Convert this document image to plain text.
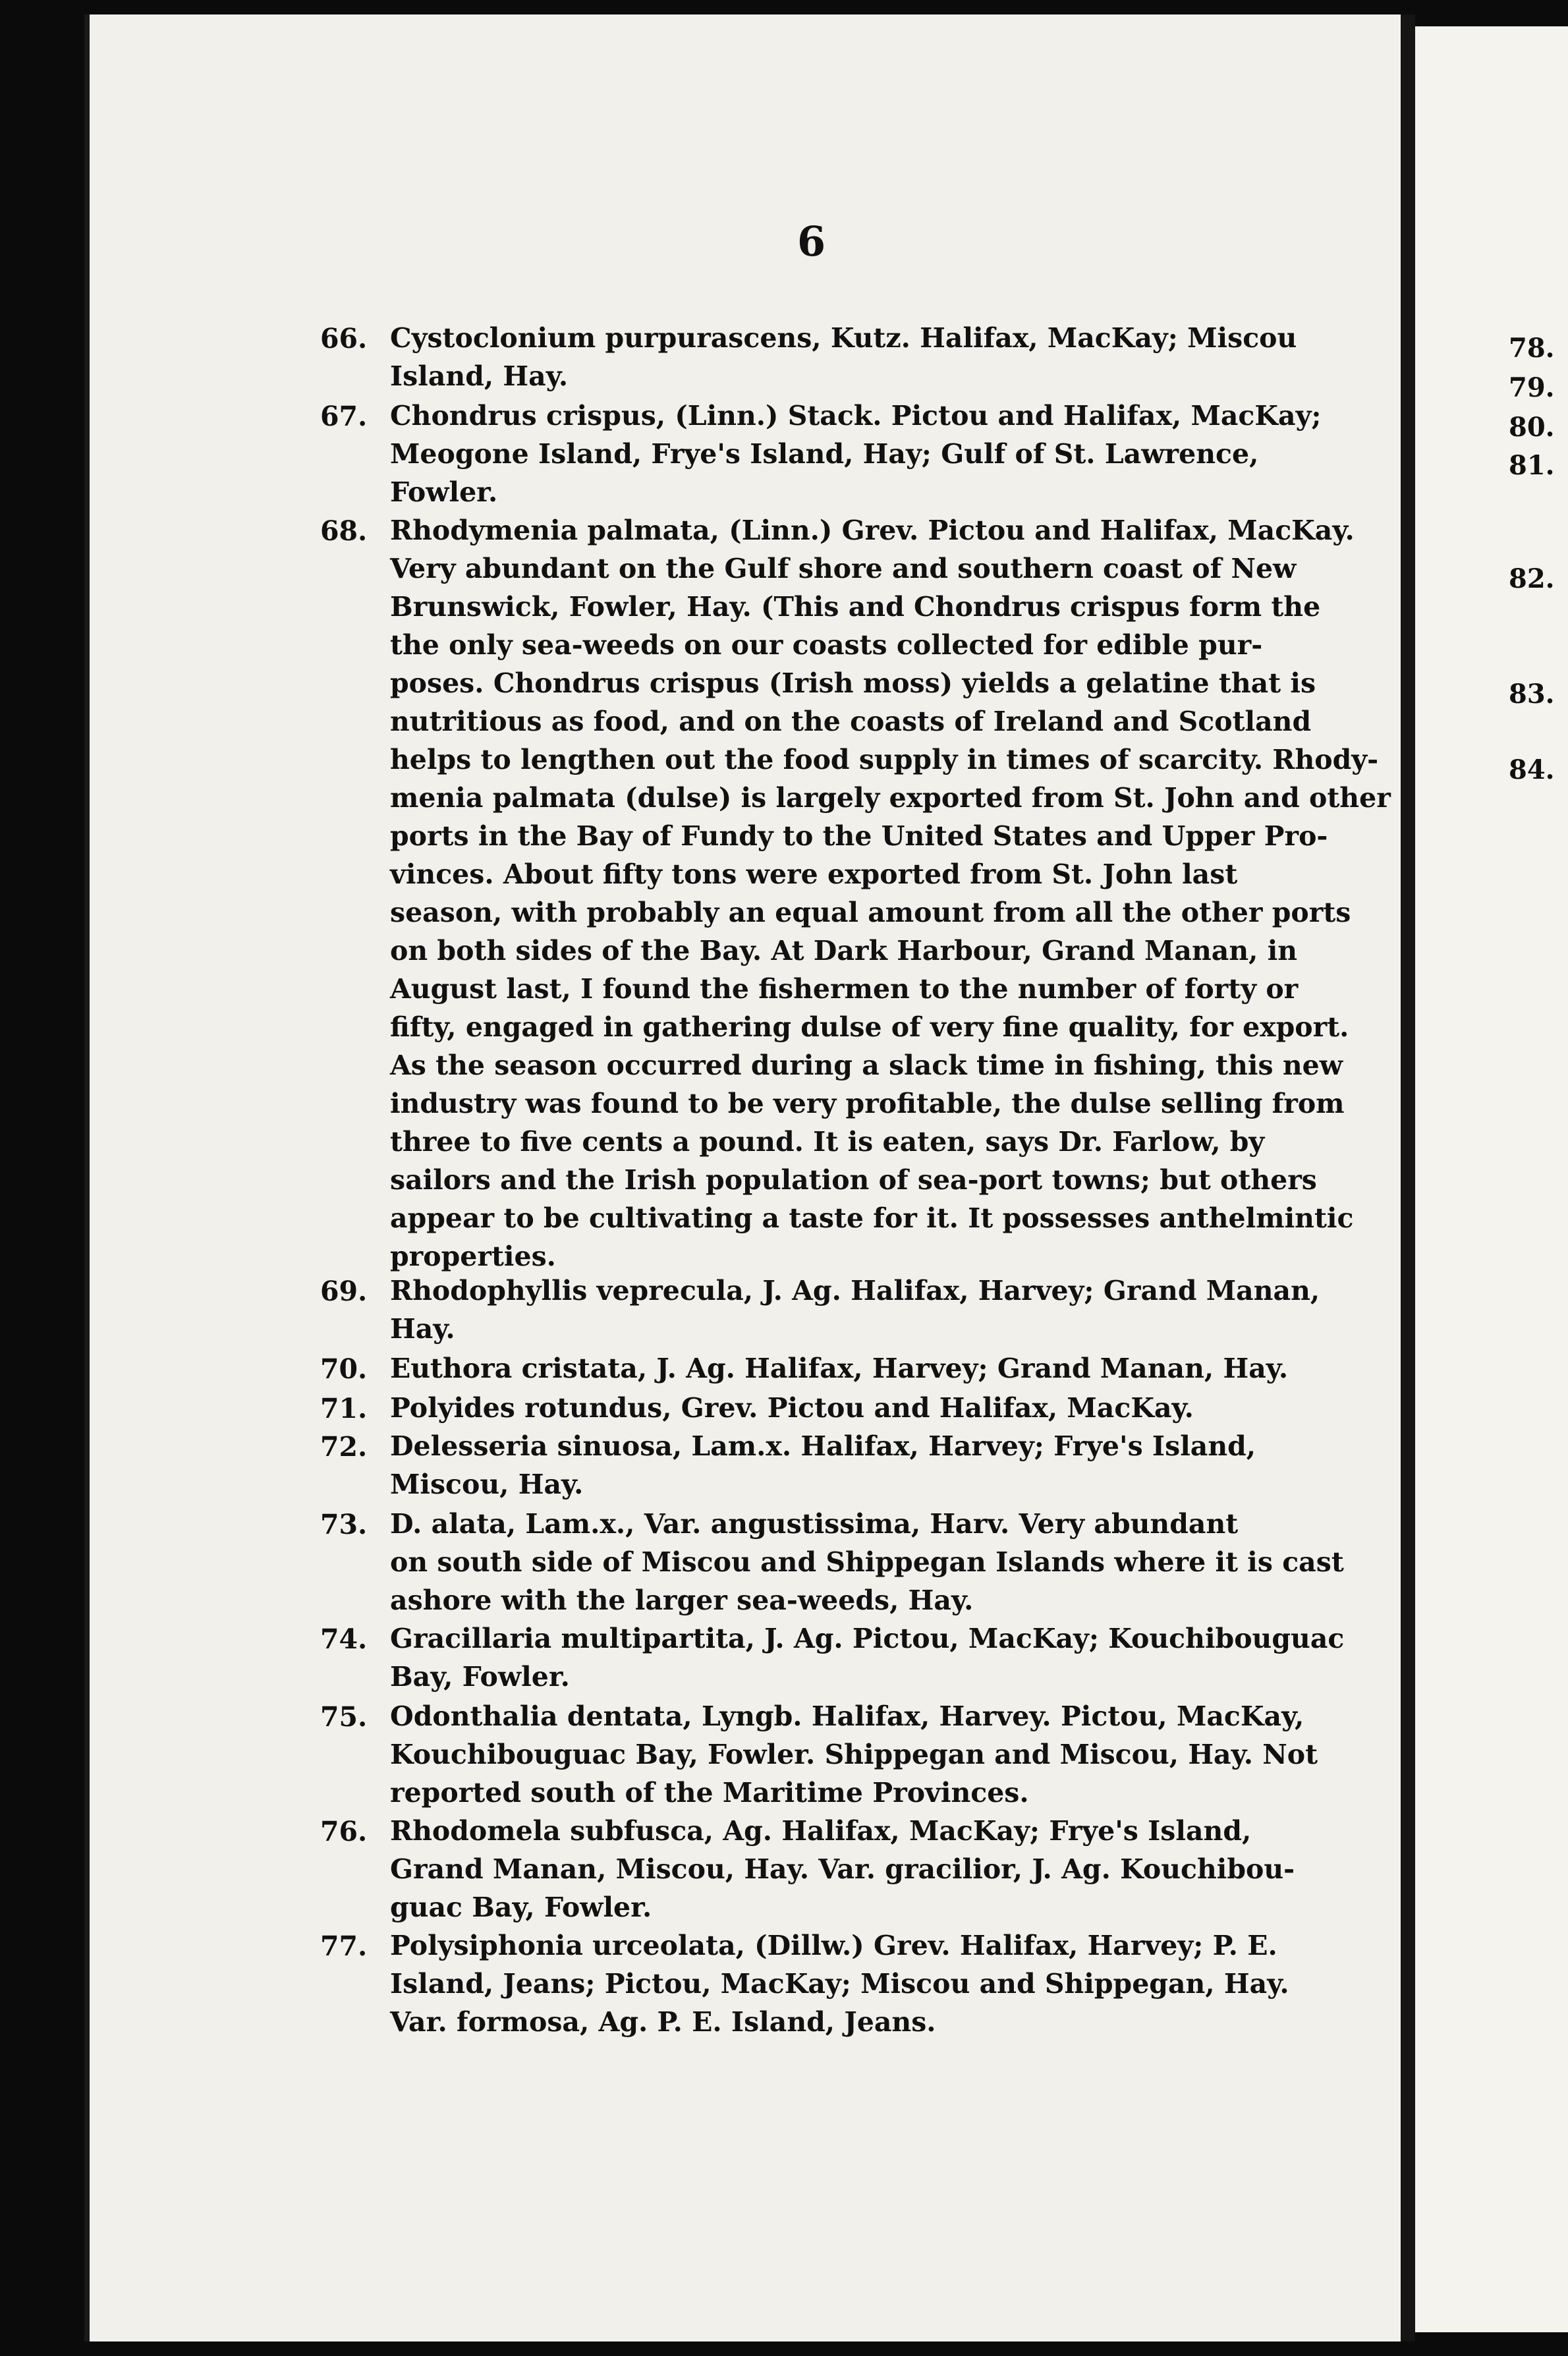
6
66. Cystoclonium purpurascens, Kutz. Halifax, MacKay; Miscou
Island, Hay.
67. Chondrus crispus, (Linn.) Stack. Pictou and Halifax, MacKay;
Meogone Island, Frye's Island, Hay; Gulf of St. Lawrence,
Fowler.
68. Rhodymenia palmata, (Linn.) Grev. Pictou and Halifax, MacKay.
Very abundant on the Gulf shore and southern coast of New
Brunswick, Fowler, Hay. (This and Chondrus crispus form the
the only sea-weeds on our coasts collected for edible pur-
poses. Chondrus crispus (Irish moss) yields a gelatine that is
nutritious as food, and on the coasts of Ireland and Scotland
helps to lengthen out the food supply in times of scarcity. Rhody-
menia palmata (dulse) is largely exported from St. John and other
ports in the Bay of Fundy to the United States and Upper Pro-
vinces. About fifty tons were exported from St. John last
season, with probably an equal amount from all the other ports
on both sides of the Bay. At Dark Harbour, Grand Manan, in
August last, I found the fishermen to the number of forty or
fifty, engaged in gathering dulse of very fine quality, for export.
As the season occurred during a slack time in fishing, this new
industry was found to be very profitable, the dulse selling from
three to five cents a pound. It is eaten, says Dr. Farlow, by
sailors and the Irish population of sea-port towns; but others
appear to be cultivating a taste for it. It possesses anthelmintic
properties.
69. Rhodophyllis veprecula, J. Ag. Halifax, Harvey; Grand Manan,
Hay.
70. Euthora cristata, J. Ag. Halifax, Harvey; Grand Manan, Hay.
71. Polyides rotundus, Grev. Pictou and Halifax, MacKay.
72. Delesseria sinuosa, Lam.x. Halifax, Harvey; Frye's Island,
Miscou, Hay.
73. D. alata, Lam.x., Var. angustissima, Harv. Very abundant
on south side of Miscou and Shippegan Islands where it is cast
ashore with the larger sea-weeds, Hay.
74. Gracillaria multipartita, J. Ag. Pictou, MacKay; Kouchibouguac
Bay, Fowler.
75. Odonthalia dentata, Lyngb. Halifax, Harvey. Pictou, MacKay,
Kouchibouguac Bay, Fowler. Shippegan and Miscou, Hay. Not
reported south of the Maritime Provinces.
76. Rhodomela subfusca, Ag. Halifax, MacKay; Frye's Island,
Grand Manan, Miscou, Hay. Var. gracilior, J. Ag. Kouchibou-
guac Bay, Fowler.
77. Polysiphonia urceolata, (Dillw.) Grev. Halifax, Harvey; P. E.
Island, Jeans; Pictou, MacKay; Miscou and Shippegan, Hay.
Var. formosa, Ag. P. E. Island, Jeans.
78.
79.
80.
81.
82.
83.
84.
